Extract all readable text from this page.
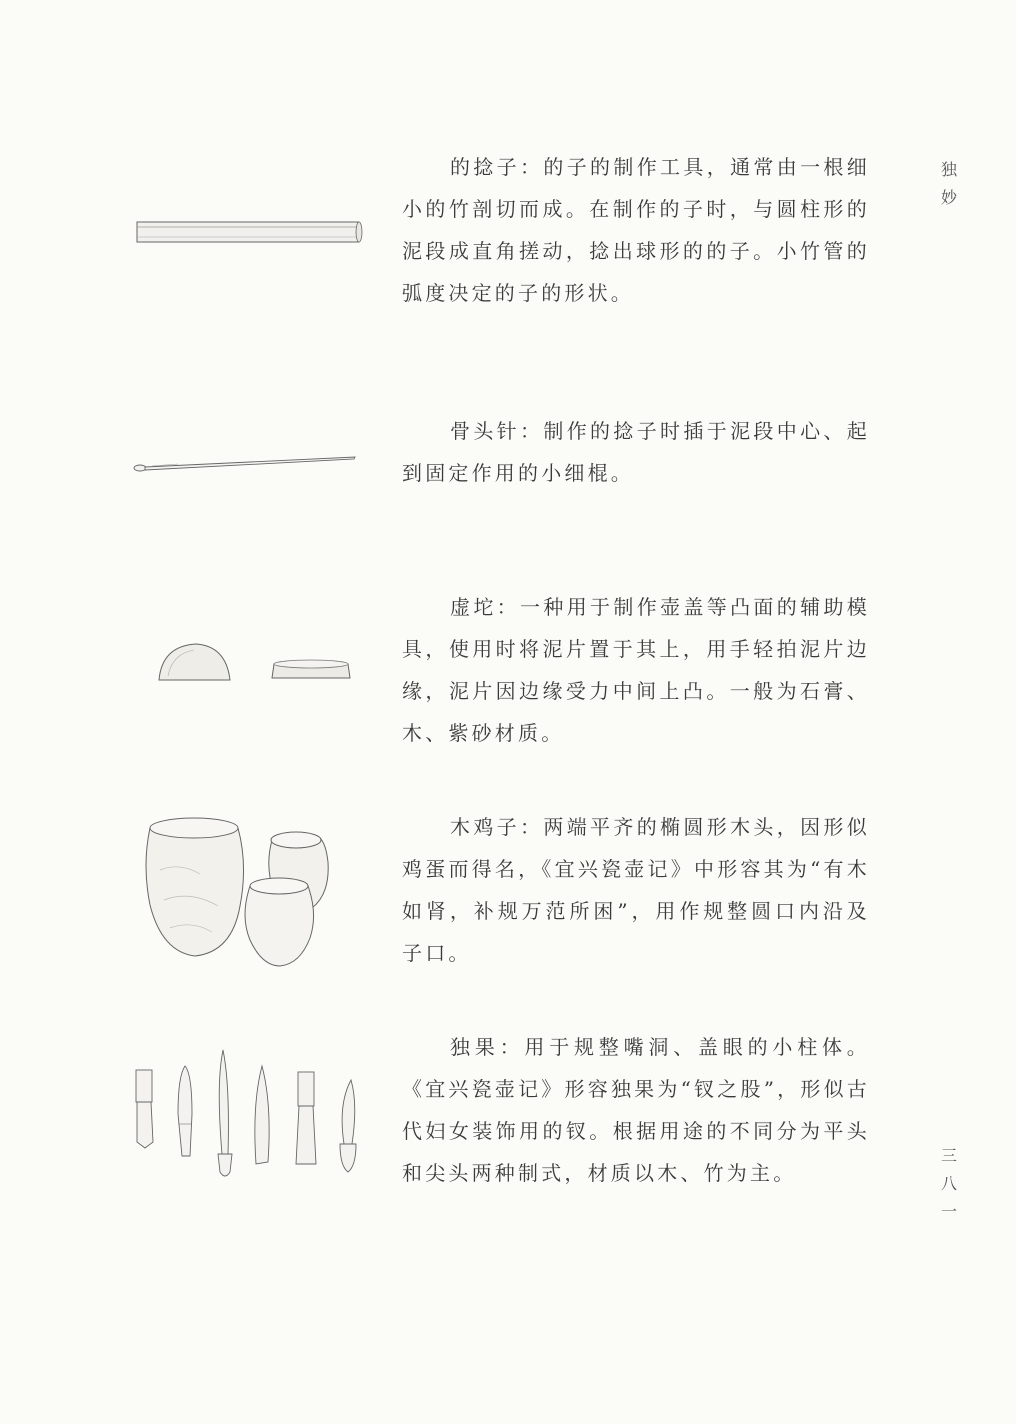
独妙
三八一

的捻子：的子的制作工具，通常由一根细小的竹剖切而成。在制作的子时，与圆柱形的泥段成直角搓动，捻出球形的的子。小竹管的弧度决定的子的形状。

骨头针：制作的捻子时插于泥段中心、起到固定作用的小细棍。

虚坨：一种用于制作壶盖等凸面的辅助模具，使用时将泥片置于其上，用手轻拍泥片边缘，泥片因边缘受力中间上凸。一般为石膏、木、紫砂材质。

木鸡子：两端平齐的椭圆形木头，因形似鸡蛋而得名，《宜兴瓷壶记》中形容其为“有木如肾，补规万范所困”，用作规整圆口内沿及子口。

独果：用于规整嘴洞、盖眼的小柱体。《宜兴瓷壶记》形容独果为“钗之股”，形似古代妇女装饰用的钗。根据用途的不同分为平头和尖头两种制式，材质以木、竹为主。
